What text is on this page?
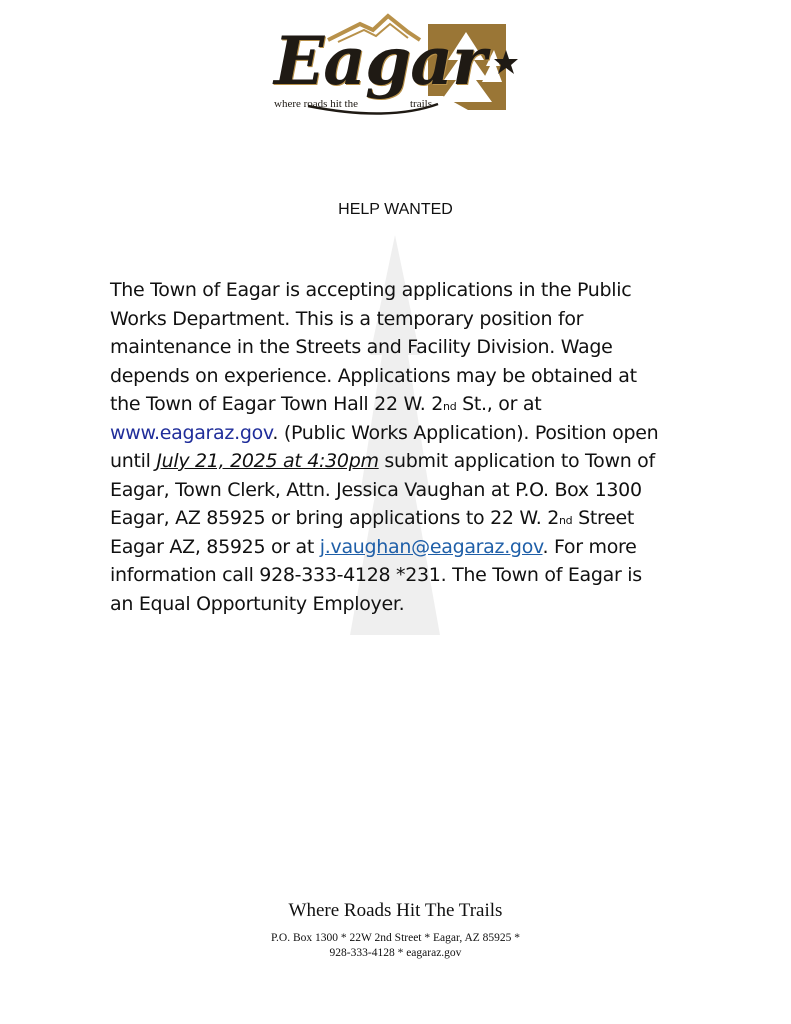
Eagar
where roads hit the	trails
HELP WANTED
The Town of Eagar is accepting applications in the Public
Works Department. This is a temporary position for
maintenance in the Streets and Facility Division. Wage
depends on experience. Applications may be obtained at
the Town of Eagar Town Hall 22 W. 2nd St., or at
www.eagaraz.gov. (Public Works Application). Position open
until July 21, 2025 at 4:30pm submit application to Town of
Eagar, Town Clerk, Attn. Jessica Vaughan at P.O. Box 1300
Eagar, AZ 85925 or bring applications to 22 W. 2nd Street
Eagar AZ, 85925 or at j.vaughan@eagaraz.gov. For more
information call 928-333-4128 *231. The Town of Eagar is
an Equal Opportunity Employer.
Where Roads Hit The Trails
P.O. Box 1300 * 22W 2nd Street * Eagar, AZ 85925 *
928-333-4128 * eagaraz.gov
